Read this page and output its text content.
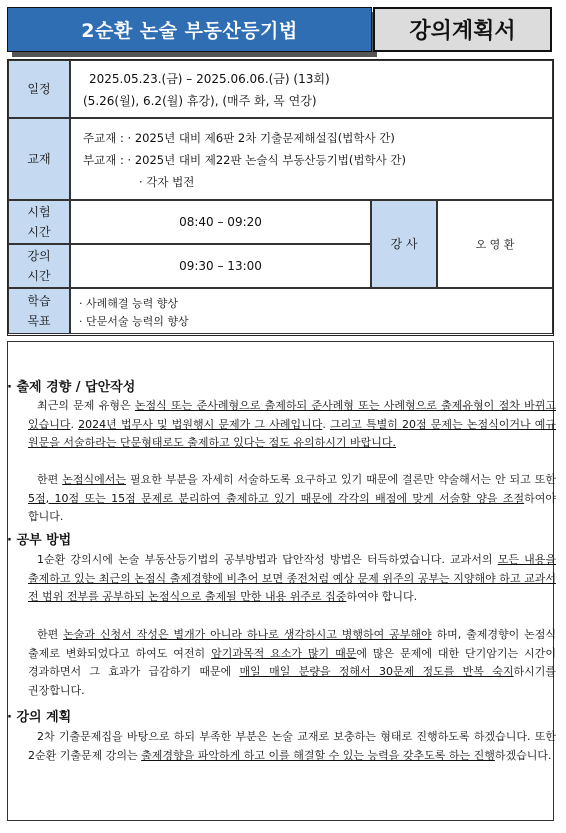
2순환 논술 부동산등기법	강의계획서
일정
2025.05.23.(금) – 2025.06.06.(금) (13회)
(5.26(월), 6.2(월) 휴강), (매주 화, 목 연강)
교재
주교재 : · 2025년 대비 제6판 2차 기출문제해설집(법학사 간)
부교재 : · 2025년 대비 제22판 논술식 부동산등기법(법학사 간)
· 각자 법전
시험 시간
08:40 – 09:20
강의 시간
09:30 – 13:00
강 사	오 영 환
학습 목표
· 사례해결 능력 향상
· 단문서술 능력의 향상
· 출제 경향 / 답안작성
최근의 문제 유형은 논점식 또는 준사례형으로 출제하되 준사례형 또는 사례형으로 출제유형이 점차 바뀌고 있습니다. 2024년 법무사 및 법원행시 문제가 그 사례입니다. 그리고 특별히 20점 문제는 논점식이거나 예규 원문을 서술하라는 단문형태로도 출제하고 있다는 점도 유의하시기 바랍니다.
한편 논점식에서는 필요한 부분을 자세히 서술하도록 요구하고 있기 때문에 결론만 약술해서는 안 되고 또한 5점, 10점 또는 15점 문제로 분리하여 출제하고 있기 때문에 각각의 배점에 맞게 서술할 양을 조절하여야 합니다.
· 공부 방법
1순환 강의시에 논술 부동산등기법의 공부방법과 답안작성 방법은 터득하였습니다. 교과서의 모든 내용을 출제하고 있는 최근의 논점식 출제경향에 비추어 보면 종전처럼 예상 문제 위주의 공부는 지양해야 하고 교과서 전 범위 전부를 공부하되 논점식으로 출제될 만한 내용 위주로 집중하여야 합니다.
한편 논술과 신청서 작성은 별개가 아니라 하나로 생각하시고 병행하여 공부해야 하며, 출제경향이 논점식 출제로 변화되었다고 하여도 여전히 암기과목적 요소가 많기 때문에 많은 문제에 대한 단기암기는 시간이 경과하면서 그 효과가 급감하기 때문에 매일 매일 분량을 정해서 30문제 정도를 반복 숙지하시기를 권장합니다.
· 강의 계획
2차 기출문제집을 바탕으로 하되 부족한 부분은 논술 교재로 보충하는 형태로 진행하도록 하겠습니다. 또한 2순환 기출문제 강의는 출제경향을 파악하게 하고 이를 해결할 수 있는 능력을 갖추도록 하는 진행하겠습니다.
